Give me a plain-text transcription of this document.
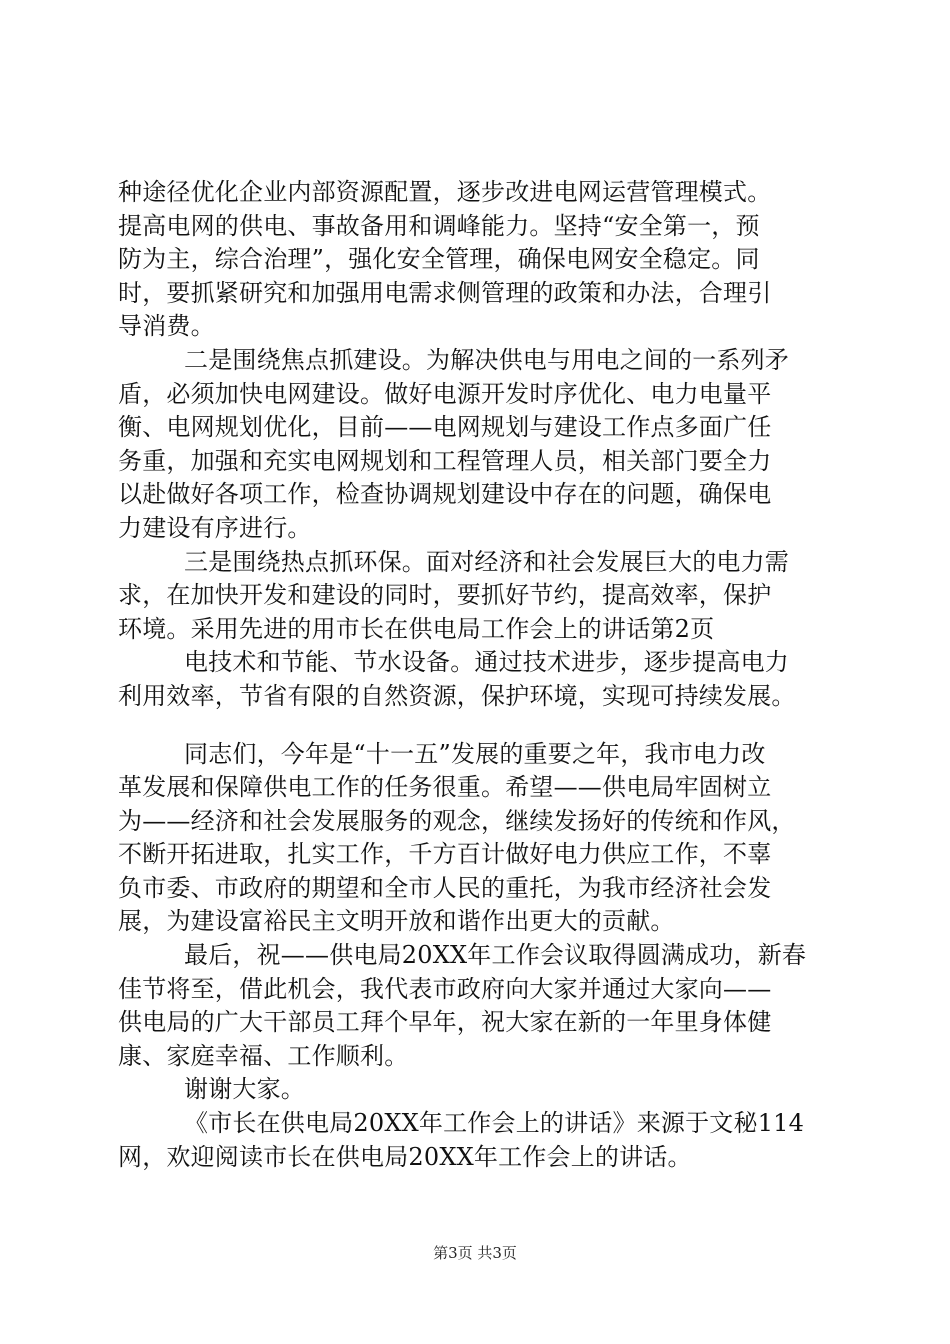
种途径优化企业内部资源配置，逐步改进电网运营管理模式。
提高电网的供电、事故备用和调峰能力。坚持“安全第一，预
防为主，综合治理”，强化安全管理，确保电网安全稳定。同
时，要抓紧研究和加强用电需求侧管理的政策和办法，合理引
导消费。
二是围绕焦点抓建设。为解决供电与用电之间的一系列矛
盾，必须加快电网建设。做好电源开发时序优化、电力电量平
衡、电网规划优化，目前——电网规划与建设工作点多面广任
务重，加强和充实电网规划和工程管理人员，相关部门要全力
以赴做好各项工作，检查协调规划建设中存在的问题，确保电
力建设有序进行。
三是围绕热点抓环保。面对经济和社会发展巨大的电力需
求，在加快开发和建设的同时，要抓好节约，提高效率，保护
环境。采用先进的用市长在供电局工作会上的讲话第2页
电技术和节能、节水设备。通过技术进步，逐步提高电力
利用效率，节省有限的自然资源，保护环境，实现可持续发展。
同志们，今年是“十一五”发展的重要之年，我市电力改
革发展和保障供电工作的任务很重。希望——供电局牢固树立
为——经济和社会发展服务的观念，继续发扬好的传统和作风，
不断开拓进取，扎实工作，千方百计做好电力供应工作，不辜
负市委、市政府的期望和全市人民的重托，为我市经济社会发
展，为建设富裕民主文明开放和谐作出更大的贡献。
最后，祝——供电局20XX年工作会议取得圆满成功，新春
佳节将至，借此机会，我代表市政府向大家并通过大家向——
供电局的广大干部员工拜个早年，祝大家在新的一年里身体健
康、家庭幸福、工作顺利。
谢谢大家。
《市长在供电局20XX年工作会上的讲话》来源于文秘114
网，欢迎阅读市长在供电局20XX年工作会上的讲话。
第3页 共3页
